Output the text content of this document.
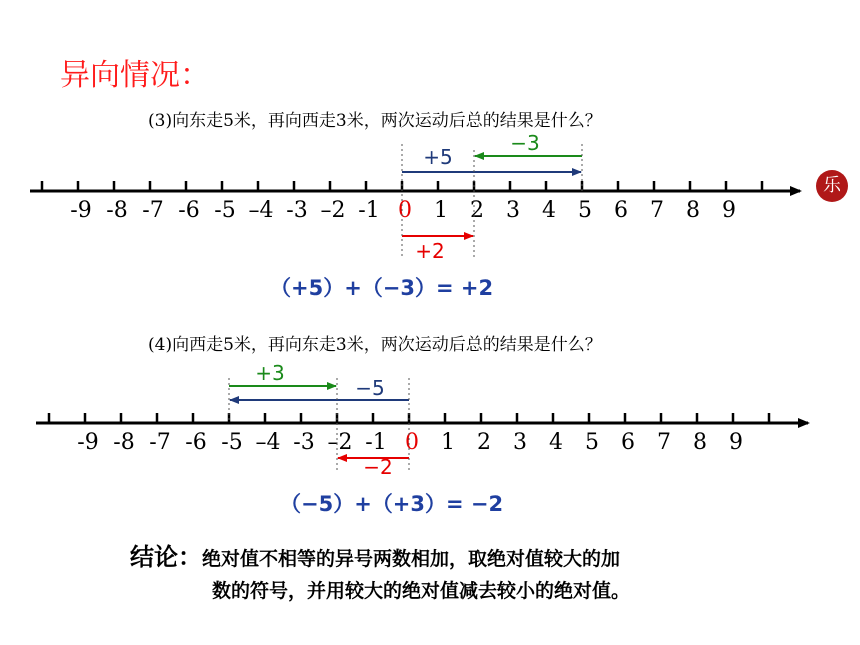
异向情况：
(3)向东走5米，再向西走3米，两次运动后总的结果是什么？
(4)向西走5米，再向东走3米，两次运动后总的结果是什么？
（+5）+（−3）= +2
（−5）+（+3）= −2
结论：绝对值不相等的异号两数相加，取绝对值较大的加
数的符号，并用较大的绝对值减去较小的绝对值。
乐
-9 -8 -7 -6 -5 –4 -3 –2 -1 0 1 2 3 4 5 6 7 8 9
+5
−3
+2
-9 -8 -7 -6 -5 –4 -3 –2 -1 0 1 2 3 4 5 6 7 8 9
+3
−5
−2
